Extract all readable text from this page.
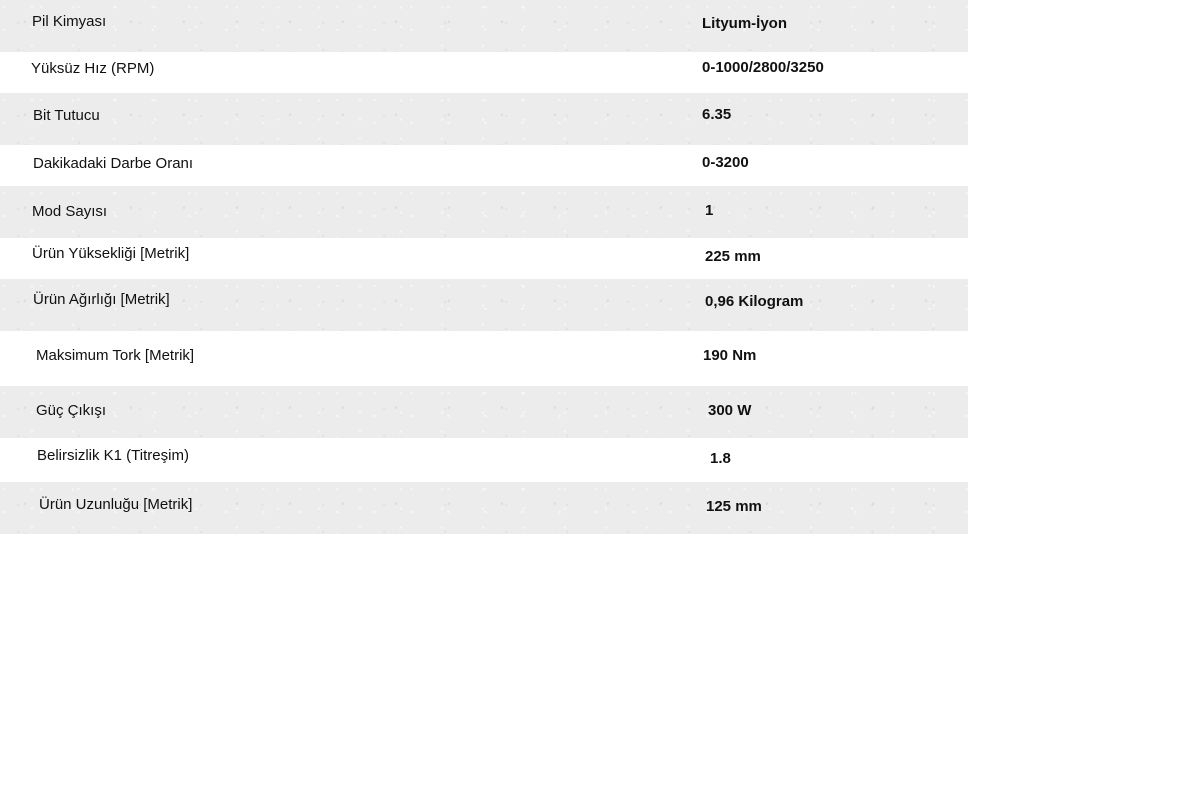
Pil Kimyası	Lityum-İyon
Yüksüz Hız (RPM)	0-1000/2800/3250
Bit Tutucu	6.35
Dakikadaki Darbe Oranı	0-3200
Mod Sayısı	1
Ürün Yüksekliği [Metrik]	225 mm
Ürün Ağırlığı [Metrik]	0,96 Kilogram
Maksimum Tork [Metrik]	190 Nm
Güç Çıkışı	300 W
Belirsizlik K1 (Titreşim)	1.8
Ürün Uzunluğu [Metrik]	125 mm
